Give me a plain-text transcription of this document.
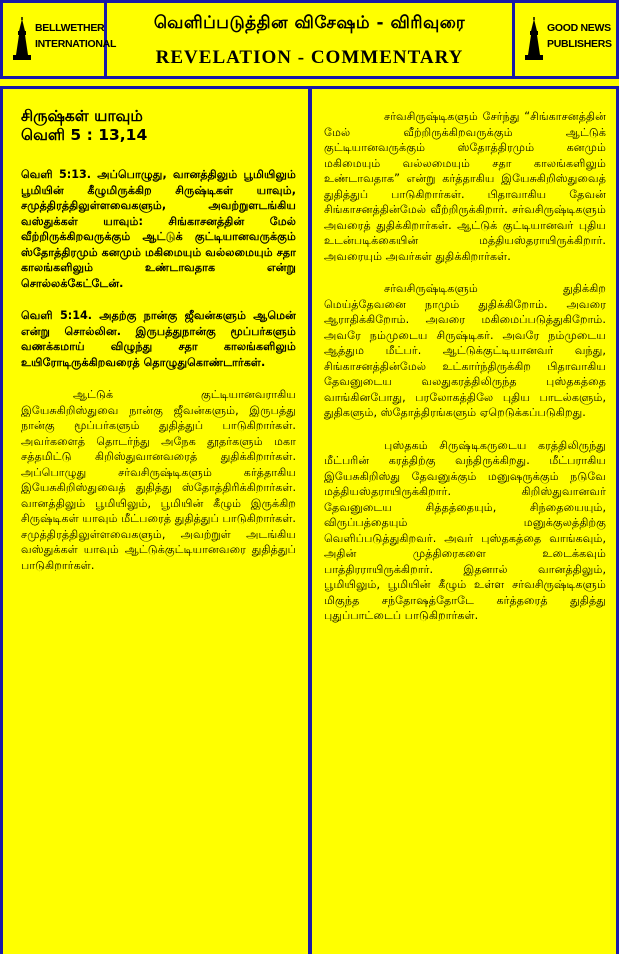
BELLWETHER
INTERNATIONAL
வெளிப்படுத்தின விசேஷம் - விரிவுரை
REVELATION - COMMENTARY
GOOD NEWS
PUBLISHERS

சிருஷ்கள் யாவும்

வெளி 5 : 13,14

வெளி 5:13. அப்பொழுது, வானத்திலும் பூமியிலும் பூமியின் கீழுமிருக்கிற சிருஷ்டிகள் யாவும், சமுத்திரத்திலுள்ளவைகளும், அவற்றுளடங்கிய வஸ்துக்கள் யாவும்: சிங்காசனத்தின் மேல் வீற்றிருக்கிறவருக்கும் ஆட்டுக் குட்டியானவருக்கும் ஸ்தோத்திரமும் கனமும் மகிமையும் வல்லமையும் சதா காலங்களிலும் உண்டாவதாக என்று சொல்லக்கேட்டேன்.

வெளி 5:14. அதற்கு நான்கு ஜீவன்களும் ஆமென் என்று சொல்லின. இருபத்துநான்கு மூப்பர்களும் வணக்கமாய் விழுந்து சதா காலங்களிலும் உயிரோடிருக்கிறவரைத் தொழுதுகொண்டார்கள்.

ஆட்டுக் குட்டியானவராகிய இயேசுகிறிஸ்துவை நான்கு ஜீவன்களும், இருபத்து நான்கு மூப்பர்களும் துதித்துப் பாடுகிறார்கள். அவர்களைத் தொடர்ந்து அநேக தூதர்களும் மகா சத்தமிட்டு கிறிஸ்துவானவரைத் துதிக்கிறார்கள். அப்பொழுது சர்வசிருஷ்டிகளும் கர்த்தாகிய இயேசுகிறிஸ்துவைத் துதித்து ஸ்தோத்திரிக்கிறார்கள். வானத்திலும் பூமியிலும், பூமியின் கீழும் இருக்கிற சிருஷ்டிகள் யாவும் மீட்பரைத் துதித்துப் பாடுகிறார்கள். சமுத்திரத்திலுள்ளவைகளும், அவற்றுள் அடங்கிய வஸ்துக்கள் யாவும் ஆட்டுக்குட்டியானவரை துதித்துப் பாடுகிறார்கள்.

சர்வசிருஷ்டிகளும் சேர்ந்து “சிங்காசனத்தின் மேல் வீற்றிருக்கிறவருக்கும் ஆட்டுக் குட்டியானவருக்கும் ஸ்தோத்திரமும் கனமும் மகிமையும் வல்லமையும் சதா காலங்களிலும் உண்டாவதாக” என்று கர்த்தாகிய இயேசுகிறிஸ்துவைத் துதித்துப் பாடுகிறார்கள். பிதாவாகிய தேவன் சிங்காசனத்தின்மேல் வீற்றிருக்கிறார். சர்வசிருஷ்டிகளும் அவரைத் துதிக்கிறார்கள். ஆட்டுக் குட்டியானவர் புதிய உடன்படிக்கையின் மத்தியஸ்தராயிருக்கிறார். அவரையும் அவர்கள் துதிக்கிறார்கள்.

சர்வசிருஷ்டிகளும் துதிக்கிற மெய்த்தேவனை நாமும் துதிக்கிறோம். அவரை ஆராதிக்கிறோம். அவரை மகிமைப்படுத்துகிறோம். அவரே நம்முடைய சிருஷ்டிகர். அவரே நம்முடைய ஆத்தும மீட்பர். ஆட்டுக்குட்டியானவர் வந்து, சிங்காசனத்தின்மேல் உட்கார்ந்திருக்கிற பிதாவாகிய தேவனுடைய வலதுகரத்திலிருந்த புஸ்தகத்தை வாங்கினபோது, பரலோகத்திலே புதிய பாடல்களும், துதிகளும், ஸ்தோத்திரங்களும் ஏறெடுக்கப்படுகிறது.

புஸ்தகம் சிருஷ்டிகருடைய கரத்திலிருந்து மீட்பரின் கரத்திற்கு வந்திருக்கிறது. மீட்பராகிய இயேசுகிறிஸ்து தேவனுக்கும் மனுஷருக்கும் நடுவே மத்தியஸ்தராயிருக்கிறார். கிறிஸ்துவானவர் தேவனுடைய சித்தத்தையும், சிந்தையையும், விருப்பத்தையும் மனுக்குலத்திற்கு வெளிப்படுத்துகிறவர். அவர் புஸ்தகத்தை வாங்கவும், அதின் முத்திரைகளை உடைக்கவும் பாத்திரராயிருக்கிறார். இதனால் வானத்திலும், பூமியிலும், பூமியின் கீழும் உள்ள சர்வசிருஷ்டிகளும் மிகுந்த சந்தோஷத்தோடே கர்த்தரைத் துதித்து புதுப்பாட்டைப் பாடுகிறார்கள்.
